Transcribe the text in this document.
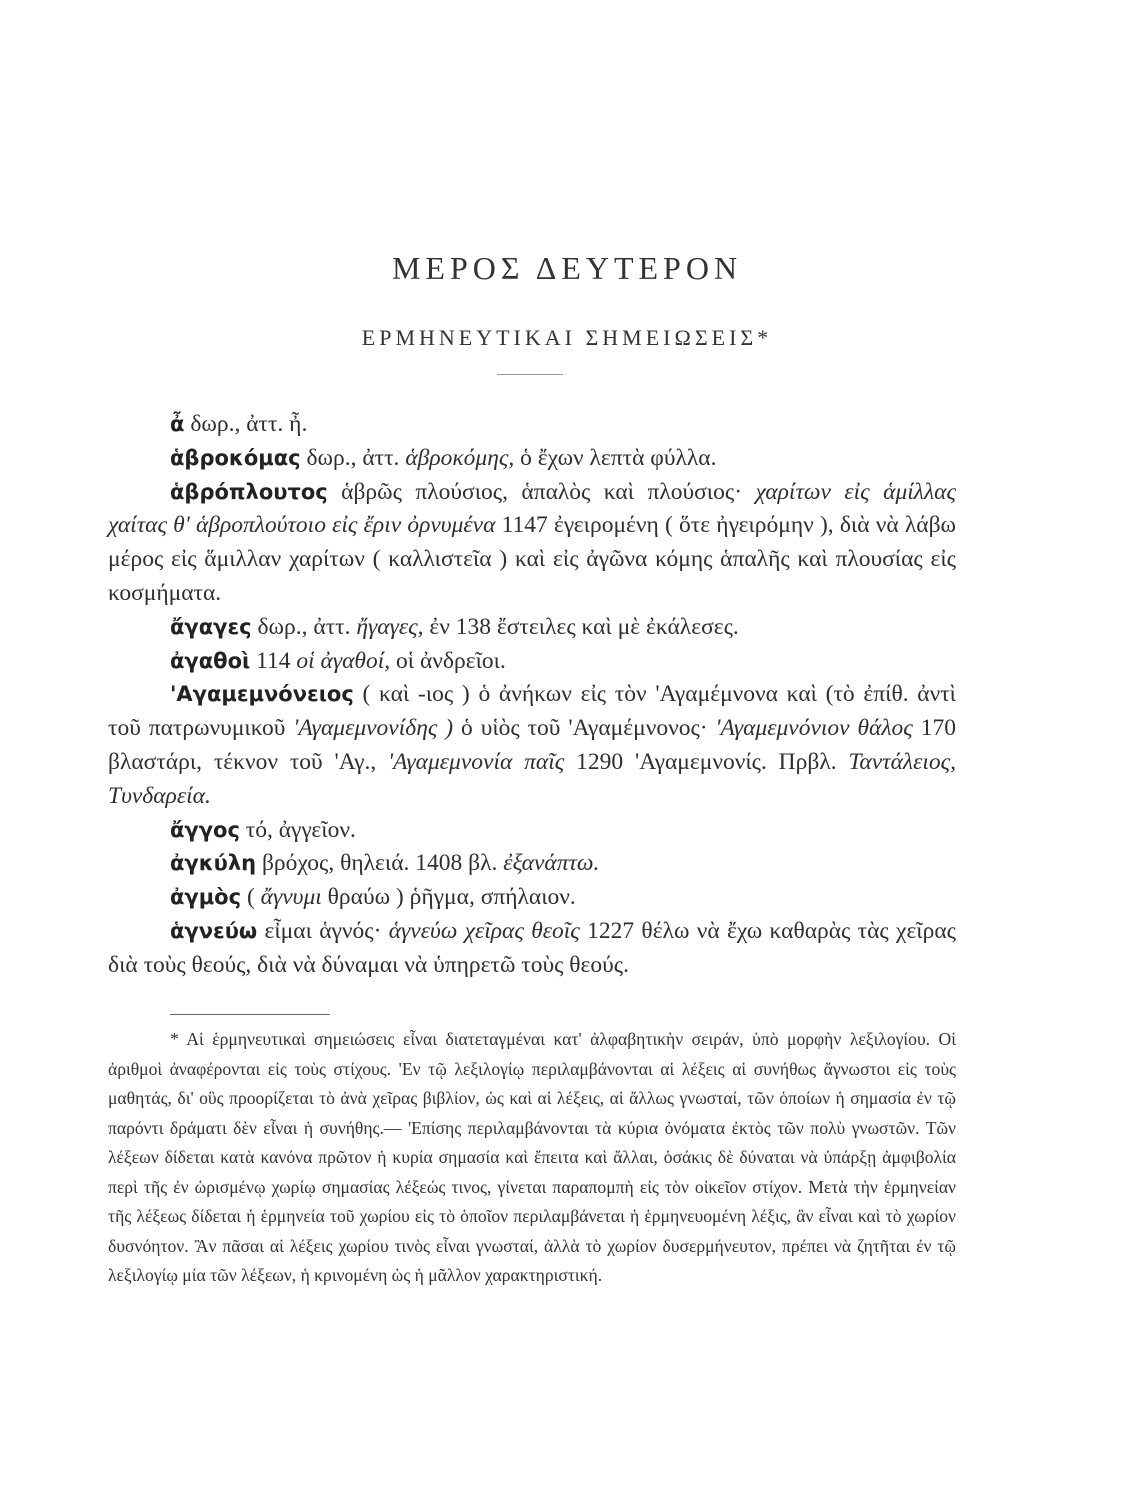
ΜΕΡΟΣ ΔΕΥΤΕΡΟΝ
ΕΡΜΗΝΕΥΤΙΚΑΙ ΣΗΜΕΙΩΣΕΙΣ*

ἆ δωρ., ἀττ. ἦ.

ἁβροκόμας δωρ., ἀττ. ἁβροκόμης, ὁ ἔχων λεπτὰ φύλλα.

ἁβρόπλουτος ἁβρῶς πλούσιος, ἁπαλὸς καὶ πλούσιος· χαρίτων εἰς ἁμίλλας χαίτας θ' ἁβροπλούτοιο εἰς ἔριν ὀρνυμένα 1147 ἐγειρομένη ( ὅτε ἠγειρόμην ), διὰ νὰ λάβω μέρος εἰς ἅμιλλαν χαρίτων ( καλλιστεῖα ) καὶ εἰς ἀγῶνα κόμης ἁπαλῆς καὶ πλουσίας εἰς κοσμήματα.

ἄγαγες δωρ., ἀττ. ἤγαγες, ἐν 138 ἔστειλες καὶ μὲ ἐκάλεσες.

ἀγαθοὶ 114 οἱ ἀγαθοί, οἱ ἀνδρεῖοι.

'Αγαμεμνόνειος ( καὶ -ιος ) ὁ ἀνήκων εἰς τὸν 'Αγαμέμνονα καὶ (τὸ ἐπίθ. ἀντὶ τοῦ πατρωνυμικοῦ 'Αγαμεμνονίδης ) ὁ υἱὸς τοῦ 'Αγαμέμνονος· 'Αγαμεμνόνιον θάλος 170 βλαστάρι, τέκνον τοῦ 'Αγ., 'Αγαμεμνονία παῖς 1290 'Αγαμεμνονίς. Πρβλ. Ταντάλειος, Τυνδαρεία.

ἄγγος τό, ἀγγεῖον.

ἀγκύλη βρόχος, θηλειά. 1408 βλ. ἐξανάπτω.

ἀγμὸς ( ἄγνυμι θραύω ) ῥῆγμα, σπήλαιον.

ἁγνεύω εἶμαι ἁγνός· ἁγνεύω χεῖρας θεοῖς 1227 θέλω νὰ ἔχω καθαρὰς τὰς χεῖρας διὰ τοὺς θεούς, διὰ νὰ δύναμαι νὰ ὑπηρετῶ τοὺς θεούς.

* Αἱ ἑρμηνευτικαὶ σημειώσεις εἶναι διατεταγμέναι κατ' ἀλφαβητικὴν σειράν, ὑπὸ μορφὴν λεξιλογίου. Οἱ ἀριθμοὶ ἀναφέρονται εἰς τοὺς στίχους. 'Εν τῷ λεξιλογίῳ περιλαμβάνονται αἱ λέξεις αἱ συνήθως ἄγνωστοι εἰς τοὺς μαθητάς, δι' οὓς προορίζεται τὸ ἀνὰ χεῖρας βιβλίον, ὡς καὶ αἱ λέξεις, αἱ ἄλλως γνωσταί, τῶν ὁποίων ἡ σημασία ἐν τῷ παρόντι δράματι δὲν εἶναι ἡ συνήθης.— 'Επίσης περιλαμβάνονται τὰ κύρια ὀνόματα ἐκτὸς τῶν πολὺ γνωστῶν. Τῶν λέξεων δίδεται κατὰ κανόνα πρῶτον ἡ κυρία σημασία καὶ ἔπειτα καὶ ἄλλαι, ὁσάκις δὲ δύναται νὰ ὑπάρξῃ ἀμφιβολία περὶ τῆς ἐν ὡρισμένῳ χωρίῳ σημασίας λέξεώς τινος, γίνεται παραπομπὴ εἰς τὸν οἰκεῖον στίχον. Μετὰ τὴν ἑρμηνείαν τῆς λέξεως δίδεται ἡ ἑρμηνεία τοῦ χωρίου εἰς τὸ ὁποῖον περιλαμβάνεται ἡ ἑρμηνευομένη λέξις, ἂν εἶναι καὶ τὸ χωρίον δυσνόητον. Ἂν πᾶσαι αἱ λέξεις χωρίου τινὸς εἶναι γνωσταί, ἀλλὰ τὸ χωρίον δυσερμήνευτον, πρέπει νὰ ζητῆται ἐν τῷ λεξιλογίῳ μία τῶν λέξεων, ἡ κρινομένη ὡς ἡ μᾶλλον χαρακτηριστική.
